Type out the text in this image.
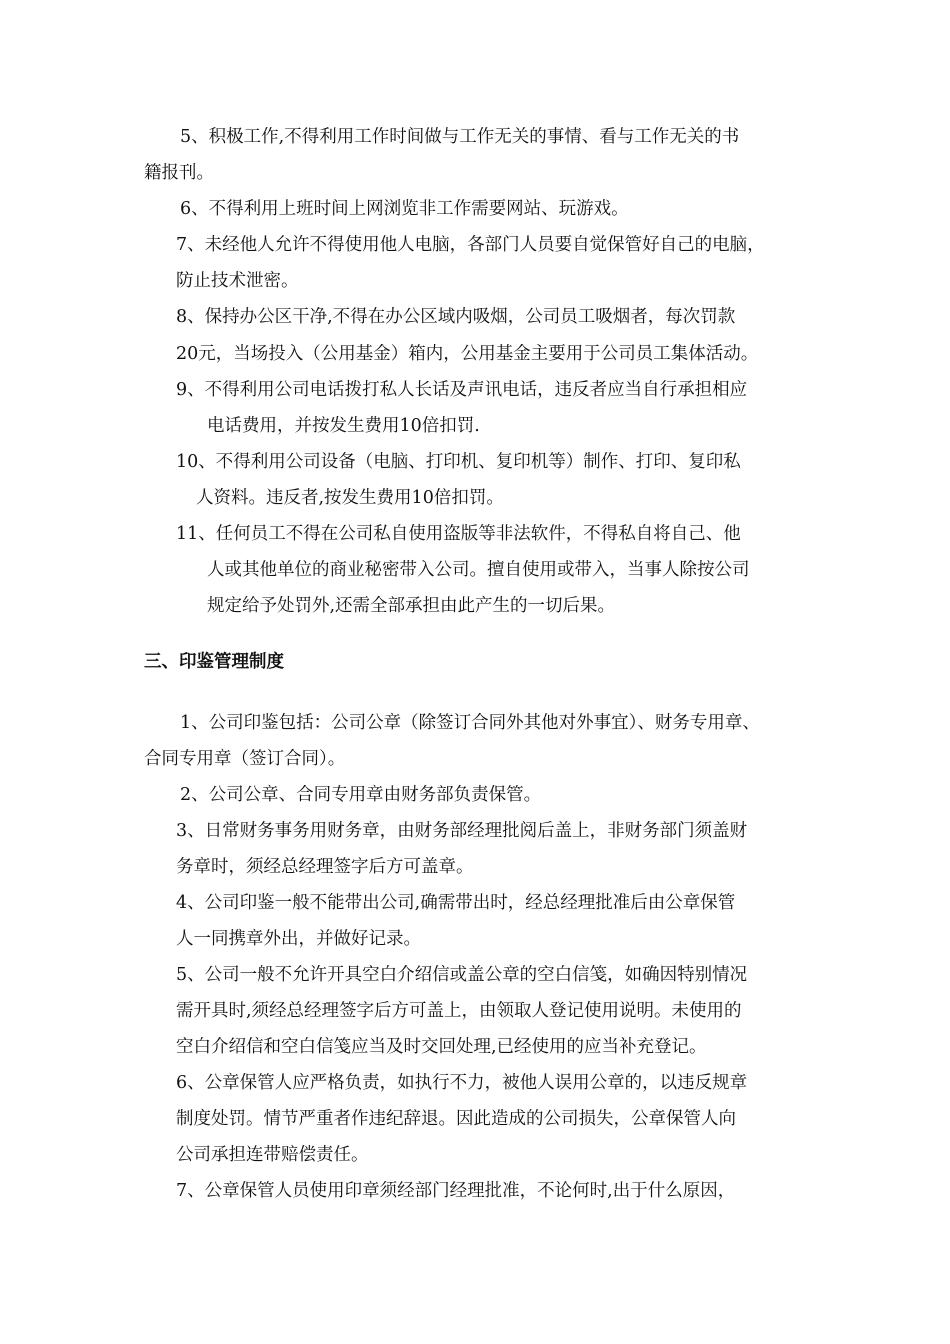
5、积极工作,不得利用工作时间做与工作无关的事情、看与工作无关的书
籍报刊。
6、不得利用上班时间上网浏览非工作需要网站、玩游戏。
7、未经他人允许不得使用他人电脑，各部门人员要自觉保管好自己的电脑，
防止技术泄密。
8、保持办公区干净,不得在办公区域内吸烟，公司员工吸烟者，每次罚款
20元，当场投入（公用基金）箱内，公用基金主要用于公司员工集体活动。
9、不得利用公司电话拨打私人长话及声讯电话，违反者应当自行承担相应
电话费用，并按发生费用10倍扣罚.
10、不得利用公司设备（电脑、打印机、复印机等）制作、打印、复印私
人资料。违反者,按发生费用10倍扣罚。
11、任何员工不得在公司私自使用盗版等非法软件，不得私自将自己、他
人或其他单位的商业秘密带入公司。擅自使用或带入，当事人除按公司
规定给予处罚外,还需全部承担由此产生的一切后果。
三、印鉴管理制度
1、公司印鉴包括：公司公章（除签订合同外其他对外事宜）、财务专用章、
合同专用章（签订合同）。
2、公司公章、合同专用章由财务部负责保管。
3、日常财务事务用财务章，由财务部经理批阅后盖上，非财务部门须盖财
务章时，须经总经理签字后方可盖章。
4、公司印鉴一般不能带出公司,确需带出时，经总经理批准后由公章保管
人一同携章外出，并做好记录。
5、公司一般不允许开具空白介绍信或盖公章的空白信笺，如确因特别情况
需开具时,须经总经理签字后方可盖上，由领取人登记使用说明。未使用的
空白介绍信和空白信笺应当及时交回处理,已经使用的应当补充登记。
6、公章保管人应严格负责，如执行不力，被他人误用公章的，以违反规章
制度处罚。情节严重者作违纪辞退。因此造成的公司损失，公章保管人向
公司承担连带赔偿责任。
7、公章保管人员使用印章须经部门经理批准，不论何时,出于什么原因，
